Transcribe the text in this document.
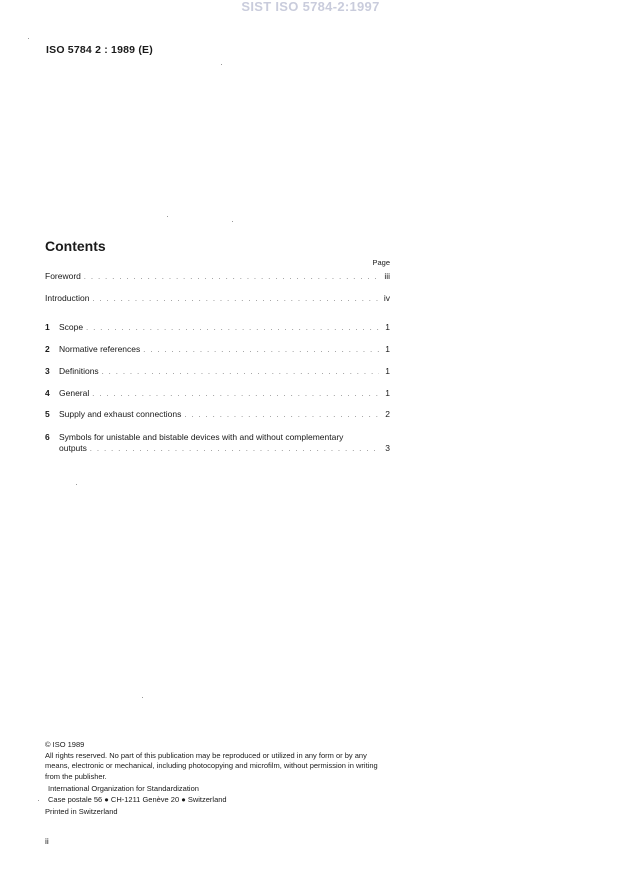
SIST ISO 5784-2:1997
ISO 5784 2 : 1989 (E)
Contents
Page
Foreword . . .	iii
Introduction . . .	iv
1	Scope . . .	1
2	Normative references . . .	1
3	Definitions . . .	1
4	General . . .	1
5	Supply and exhaust connections . . .	2
6	Symbols for unistable and bistable devices with and without complementary
outputs . . .	3

© ISO 1989

All rights reserved. No part of this publication may be reproduced or utilized in any form or by any means, electronic or mechanical, including photocopying and microfilm, without permission in writing from the publisher.

International Organization for Standardization

Case postale 56 ● CH-1211 Genève 20 ● Switzerland

Printed in Switzerland

ii
